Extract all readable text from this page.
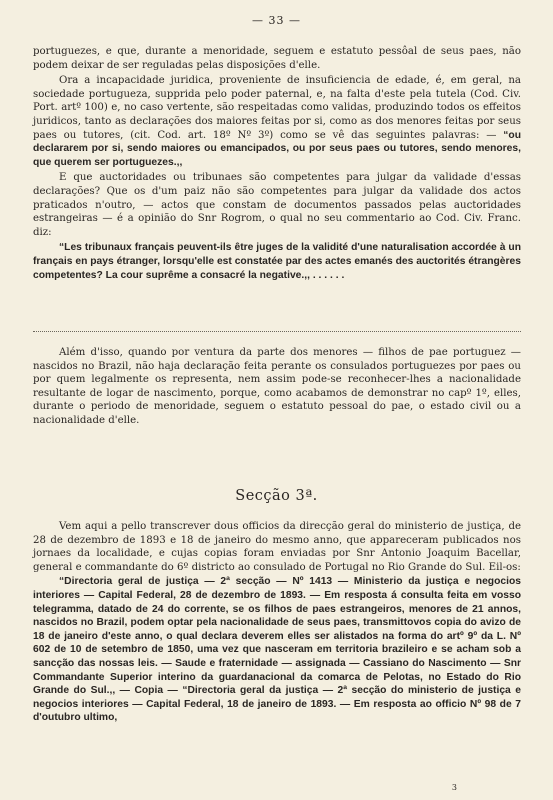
— 33 —

portuguezes, e que, durante a menoridade, seguem e estatuto pessôal de seus paes, não podem deixar de ser reguladas pelas disposições d'elle.

Ora a incapacidade juridica, proveniente de insuficiencia de edade, é, em geral, na sociedade portugueza, supprida pelo poder paternal, e, na falta d'este pela tutela (Cod. Civ. Port. artº 100) e, no caso vertente, são respeitadas como validas, produzindo todos os effeitos juridicos, tanto as declarações dos maiores feitas por si, como as dos menores feitas por seus paes ou tutores, (cit. Cod. art. 18º Nº 3º) como se vê das seguintes palavras: — “ou declararem por si, sendo maiores ou emancipados, ou por seus paes ou tutores, sendo menores, que querem ser portuguezes.,,

E que auctoridades ou tribunaes são competentes para julgar da validade d'essas declarações? Que os d'um paiz não são competentes para julgar da validade dos actos praticados n'outro, — actos que constam de documentos passados pelas auctoridades estrangeiras — é a opinião do Snr Rogrom, o qual no seu commentario ao Cod. Civ. Franc. diz:

“Les tribunaux français peuvent-ils être juges de la validité d'une naturalisation accordée à un français en pays étranger, lorsqu'elle est constatée par des actes emanés des auctorités étrangères competentes? La cour suprême a consacré la negative.,, . . . . . .

Além d'isso, quando por ventura da parte dos menores — filhos de pae portuguez — nascidos no Brazil, não haja declaração feita perante os consulados portuguezes por paes ou por quem legalmente os representa, nem assim pode-se reconhecer-lhes a nacionalidade resultante de logar de nascimento, porque, como acabamos de demonstrar no capº 1º, elles, durante o periodo de menoridade, seguem o estatuto pessoal do pae, o estado civil ou a nacionalidade d'elle.

Secção 3ª.

Vem aqui a pello transcrever dous officios da direcção geral do ministerio de justiça, de 28 de dezembro de 1893 e 18 de janeiro do mesmo anno, que appareceram publicados nos jornaes da localidade, e cujas copias foram enviadas por Snr Antonio Joaquim Bacellar, general e commandante do 6º districto ao consulado de Portugal no Rio Grande do Sul. Eil-os:

“Directoria geral de justiça — 2ª secção — Nº 1413 — Ministerio da justiça e negocios interiores — Capital Federal, 28 de dezembro de 1893. — Em resposta á consulta feita em vosso telegramma, datado de 24 do corrente, se os filhos de paes estrangeiros, menores de 21 annos, nascidos no Brazil, podem optar pela nacionalidade de seus paes, transmittovos copia do avizo de 18 de janeiro d'este anno, o qual declara deverem elles ser alistados na forma do artº 9º da L. Nº 602 de 10 de setembro de 1850, uma vez que nasceram em territoria brazileiro e se acham sob a sancção das nossas leis. — Saude e fraternidade — assignada — Cassiano do Nascimento — Snr Commandante Superior interino da guardanacional da comarca de Pelotas, no Estado do Rio Grande do Sul.,, — Copia — “Directoria geral da justiça — 2ª secção do ministerio de justiça e negocios interiores — Capital Federal, 18 de janeiro de 1893. — Em resposta ao officio Nº 98 de 7 d'outubro ultimo,

3
